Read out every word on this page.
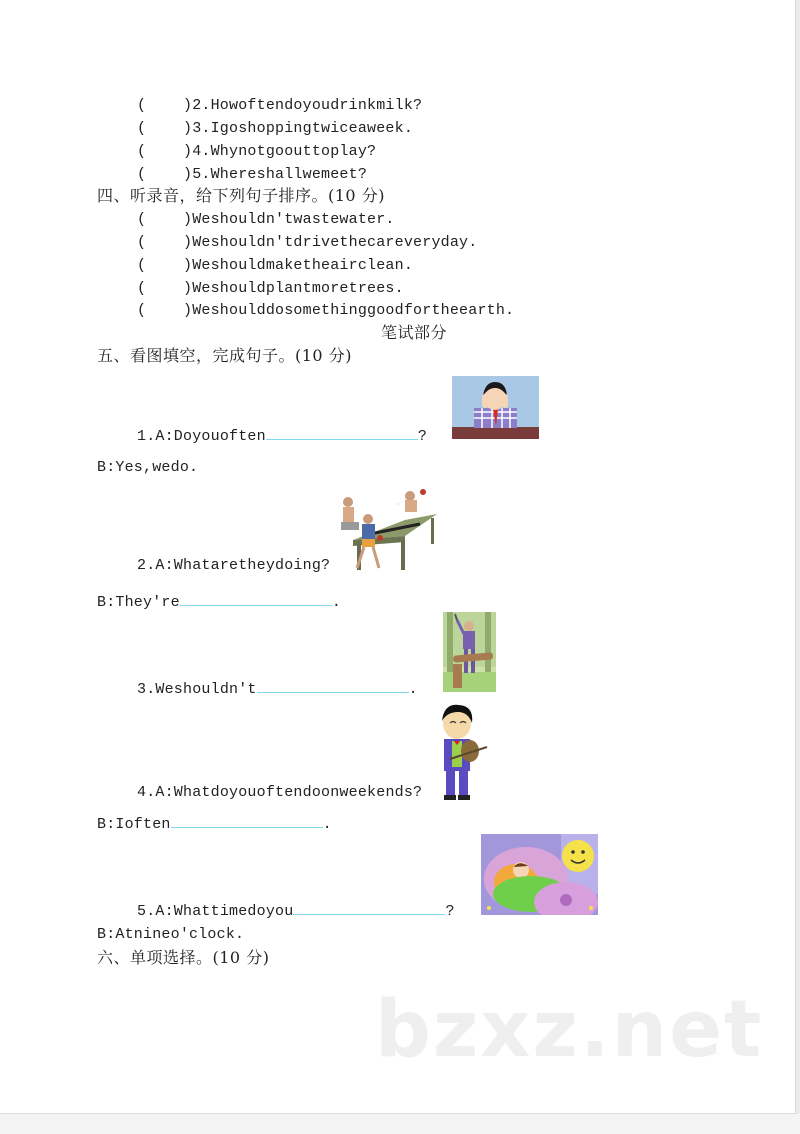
( )2.Howoftendoyoudrinkmilk?
( )3.Igoshoppingtwiceaweek.
( )4.Whynotgoouttoplay?
( )5.Whereshallwemeet?
四、听录音，给下列句子排序。(10 分)
( )Weshouldn'twastewater.
( )Weshouldn'tdrivethecareveryday.
( )Weshouldmaketheairclean.
( )Weshouldplantmoretrees.
( )Weshoulddosomethinggoodfortheearth.
笔试部分
五、看图填空，完成句子。(10 分)
1.A:Doyouoften	?
B:Yes,wedo.
2.A:Whataretheydoing?
B:They're	.
3.Weshouldn't	.
4.A:Whatdoyouoftendoonweekends?
B:Ioften	.
5.A:Whattimedoyou	?
B:Atnineo'clock.
六、单项选择。(10 分)
bzxz.net
